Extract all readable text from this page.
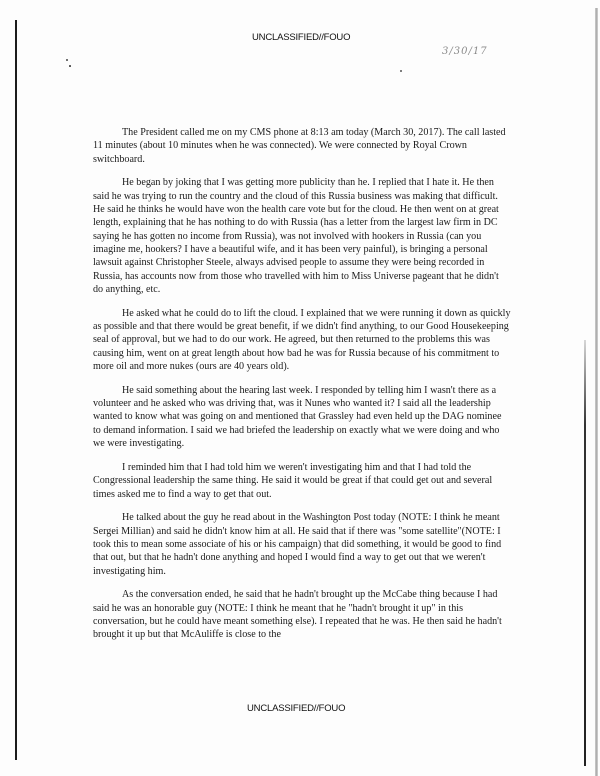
UNCLASSIFIED//FOUO
3/30/17

The President called me on my CMS phone at 8:13 am today (March 30, 2017). The call lasted 11 minutes (about 10 minutes when he was connected). We were connected by Royal Crown switchboard.

He began by joking that I was getting more publicity than he. I replied that I hate it. He then said he was trying to run the country and the cloud of this Russia business was making that difficult. He said he thinks he would have won the health care vote but for the cloud. He then went on at great length, explaining that he has nothing to do with Russia (has a letter from the largest law firm in DC saying he has gotten no income from Russia), was not involved with hookers in Russia (can you imagine me, hookers? I have a beautiful wife, and it has been very painful), is bringing a personal lawsuit against Christopher Steele, always advised people to assume they were being recorded in Russia, has accounts now from those who travelled with him to Miss Universe pageant that he didn't do anything, etc.

He asked what he could do to lift the cloud. I explained that we were running it down as quickly as possible and that there would be great benefit, if we didn't find anything, to our Good Housekeeping seal of approval, but we had to do our work. He agreed, but then returned to the problems this was causing him, went on at great length about how bad he was for Russia because of his commitment to more oil and more nukes (ours are 40 years old).

He said something about the hearing last week. I responded by telling him I wasn't there as a volunteer and he asked who was driving that, was it Nunes who wanted it? I said all the leadership wanted to know what was going on and mentioned that Grassley had even held up the DAG nominee to demand information. I said we had briefed the leadership on exactly what we were doing and who we were investigating.

I reminded him that I had told him we weren't investigating him and that I had told the Congressional leadership the same thing. He said it would be great if that could get out and several times asked me to find a way to get that out.

He talked about the guy he read about in the Washington Post today (NOTE: I think he meant Sergei Millian) and said he didn't know him at all. He said that if there was "some satellite"(NOTE: I took this to mean some associate of his or his campaign) that did something, it would be good to find that out, but that he hadn't done anything and hoped I would find a way to get out that we weren't investigating him.

As the conversation ended, he said that he hadn't brought up the McCabe thing because I had said he was an honorable guy (NOTE: I think he meant that he "hadn't brought it up" in this conversation, but he could have meant something else). I repeated that he was. He then said he hadn't brought it up but that McAuliffe is close to the

UNCLASSIFIED//FOUO
